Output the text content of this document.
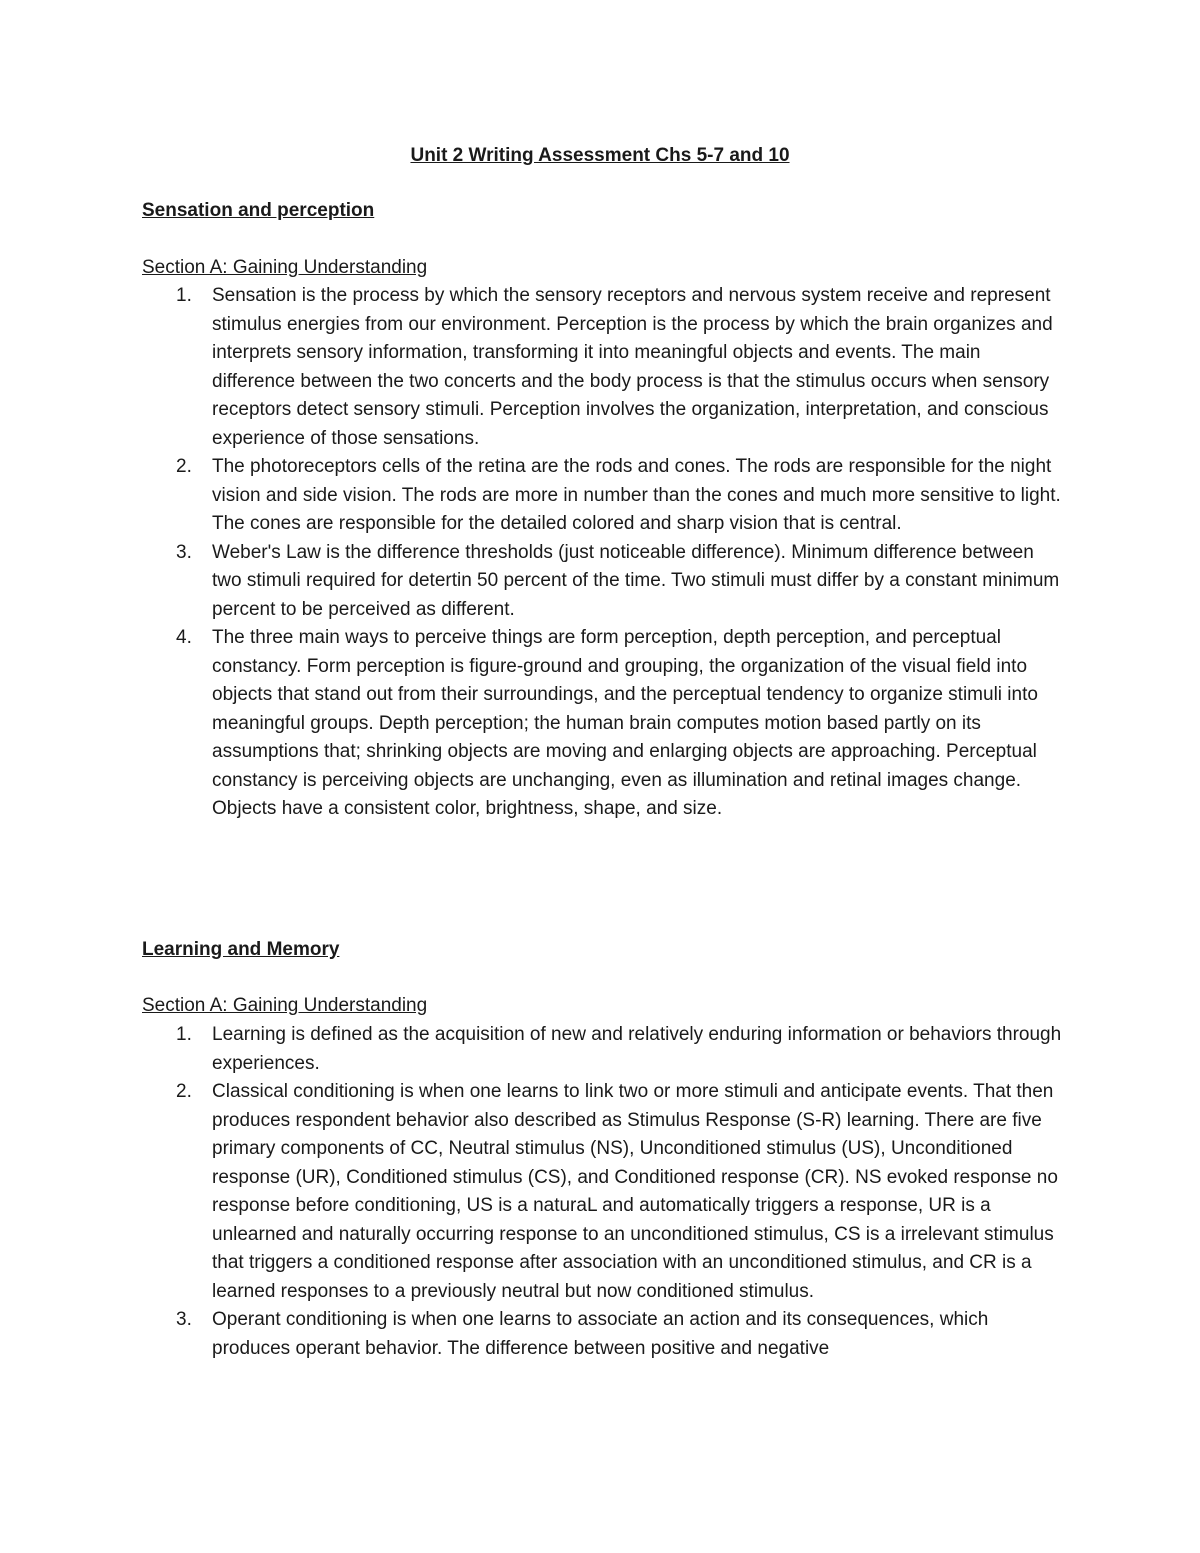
Unit 2 Writing Assessment Chs 5-7 and 10
Sensation and perception
Section A: Gaining Understanding
1. Sensation is the process by which the sensory receptors and nervous system receive and represent stimulus energies from our environment. Perception is the process by which the brain organizes and interprets sensory information, transforming it into meaningful objects and events. The main difference between the two concerts and the body process is that the stimulus occurs when sensory receptors detect sensory stimuli. Perception involves the organization, interpretation, and conscious experience of those sensations.
2. The photoreceptors cells of the retina are the rods and cones. The rods are responsible for the night vision and side vision. The rods are more in number than the cones and much more sensitive to light. The cones are responsible for the detailed colored and sharp vision that is central.
3. Weber's Law is the difference thresholds (just noticeable difference). Minimum difference between two stimuli required for detertin 50 percent of the time. Two stimuli must differ by a constant minimum percent to be perceived as different.
4. The three main ways to perceive things are form perception, depth perception, and perceptual constancy. Form perception is figure-ground and grouping, the organization of the visual field into objects that stand out from their surroundings, and the perceptual tendency to organize stimuli into meaningful groups. Depth perception; the human brain computes motion based partly on its assumptions that; shrinking objects are moving and enlarging objects are approaching. Perceptual constancy is perceiving objects are unchanging, even as illumination and retinal images change. Objects have a consistent color, brightness, shape, and size.
Learning and Memory
Section A: Gaining Understanding
1. Learning is defined as the acquisition of new and relatively enduring information or behaviors through experiences.
2. Classical conditioning is when one learns to link two or more stimuli and anticipate events. That then produces respondent behavior also described as Stimulus Response (S-R) learning. There are five primary components of CC, Neutral stimulus (NS), Unconditioned stimulus (US), Unconditioned response (UR), Conditioned stimulus (CS), and Conditioned response (CR). NS evoked response no response before conditioning, US is a naturaL and automatically triggers a response, UR is a unlearned and naturally occurring response to an unconditioned stimulus, CS is a irrelevant stimulus that triggers a conditioned response after association with an unconditioned stimulus, and CR is a learned responses to a previously neutral but now conditioned stimulus.
3. Operant conditioning is when one learns to associate an action and its consequences, which produces operant behavior. The difference between positive and negative
